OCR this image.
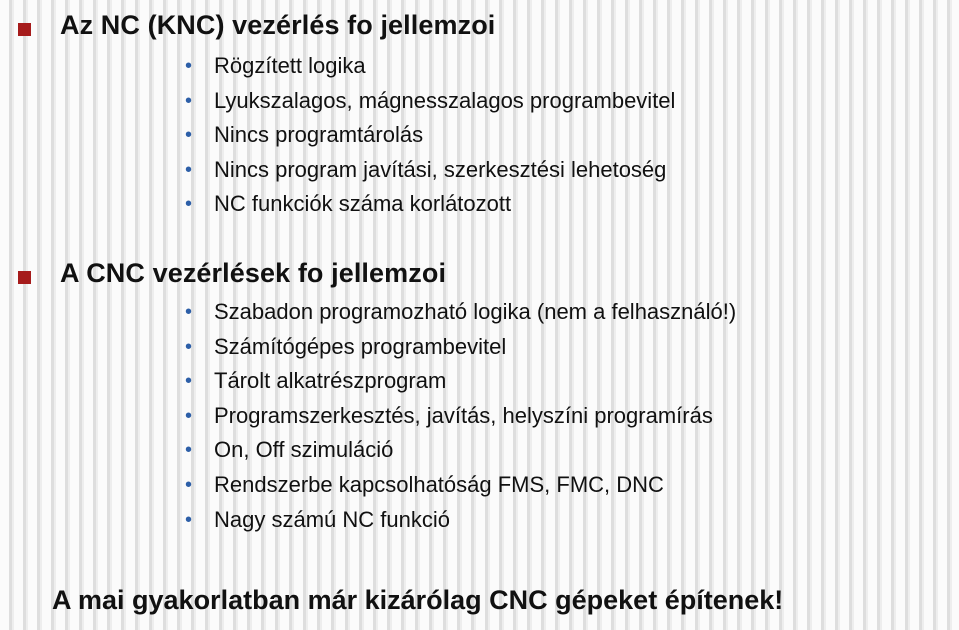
Az NC (KNC) vezérlés fo jellemzoi
• Rögzített logika
• Lyukszalagos, mágnesszalagos programbevitel
• Nincs programtárolás
• Nincs program javítási, szerkesztési lehetoség
• NC funkciók száma korlátozott
A CNC vezérlések fo jellemzoi
• Szabadon programozható logika (nem a felhasználó!)
• Számítógépes programbevitel
• Tárolt alkatrészprogram
• Programszerkesztés, javítás, helyszíni programírás
• On, Off szimuláció
• Rendszerbe kapcsolhatóság FMS, FMC, DNC
• Nagy számú NC funkció
A mai gyakorlatban már kizárólag CNC gépeket építenek!
